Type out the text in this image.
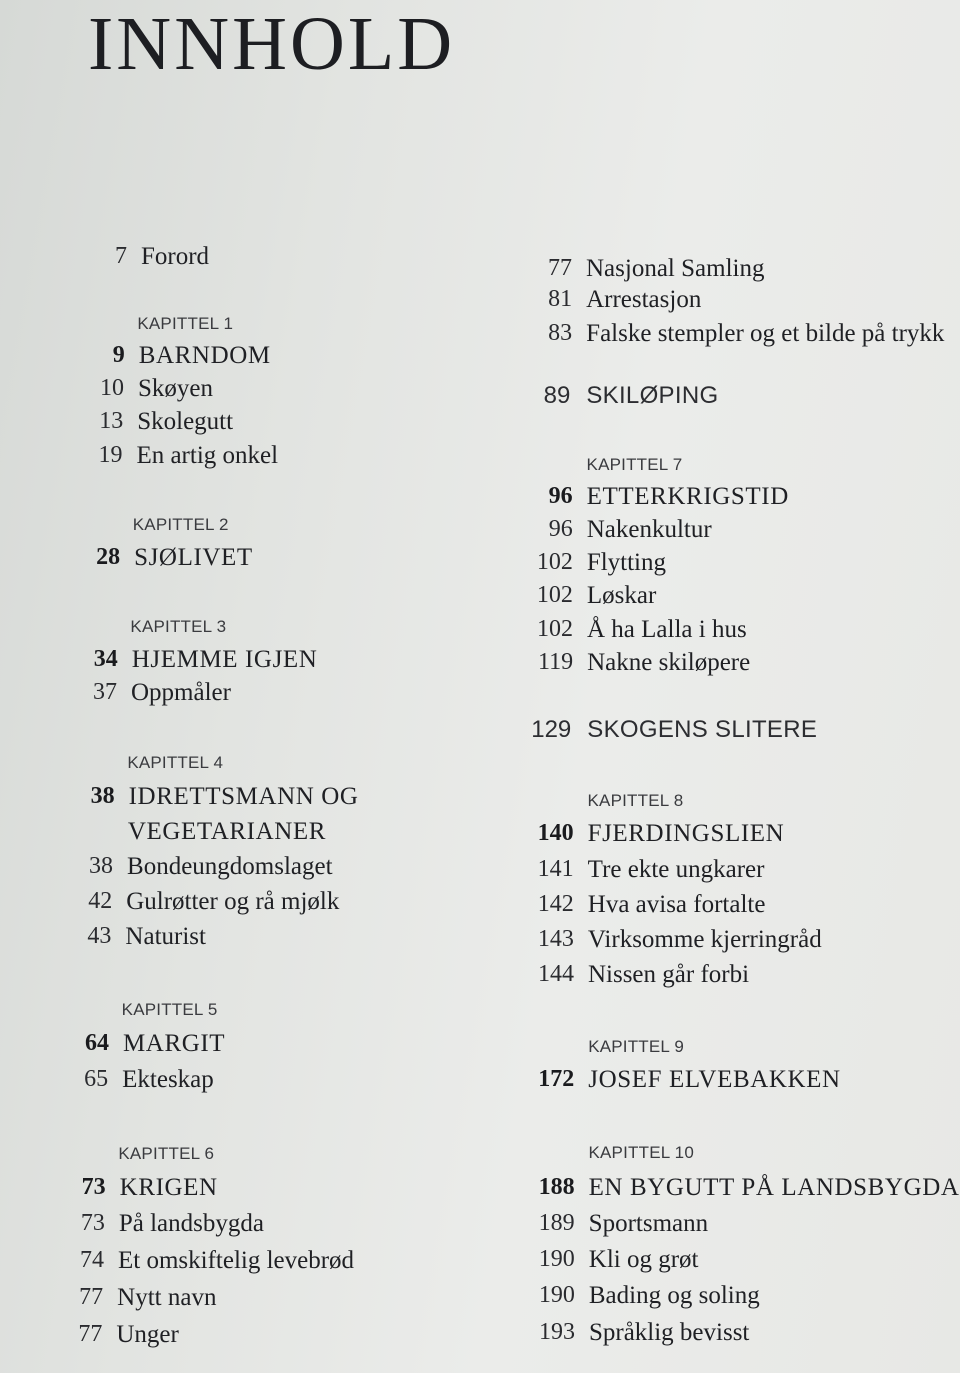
INNHOLD
7 Forord
KAPITTEL 1
9 BARNDOM
10 Skøyen
13 Skolegutt
19 En artig onkel
KAPITTEL 2
28 SJØLIVET
KAPITTEL 3
34 HJEMME IGJEN
37 Oppmåler
KAPITTEL 4
38 IDRETTSMANN OG
VEGETARIANER
38 Bondeungdomslaget
42 Gulrøtter og rå mjølk
43 Naturist
KAPITTEL 5
64 MARGIT
65 Ekteskap
KAPITTEL 6
73 KRIGEN
73 På landsbygda
74 Et omskiftelig levebrød
77 Nytt navn
77 Unger
77 Nasjonal Samling
81 Arrestasjon
83 Falske stempler og et bilde på trykk
89 SKILØPING
KAPITTEL 7
96 ETTERKRIGSTID
96 Nakenkultur
102 Flytting
102 Løskar
102 Å ha Lalla i hus
119 Nakne skiløpere
129 SKOGENS SLITERE
KAPITTEL 8
140 FJERDINGSLIEN
141 Tre ekte ungkarer
142 Hva avisa fortalte
143 Virksomme kjerringråd
144 Nissen går forbi
KAPITTEL 9
172 JOSEF ELVEBAKKEN
KAPITTEL 10
188 EN BYGUTT PÅ LANDSBYGDA
189 Sportsmann
190 Kli og grøt
190 Bading og soling
193 Språklig bevisst
